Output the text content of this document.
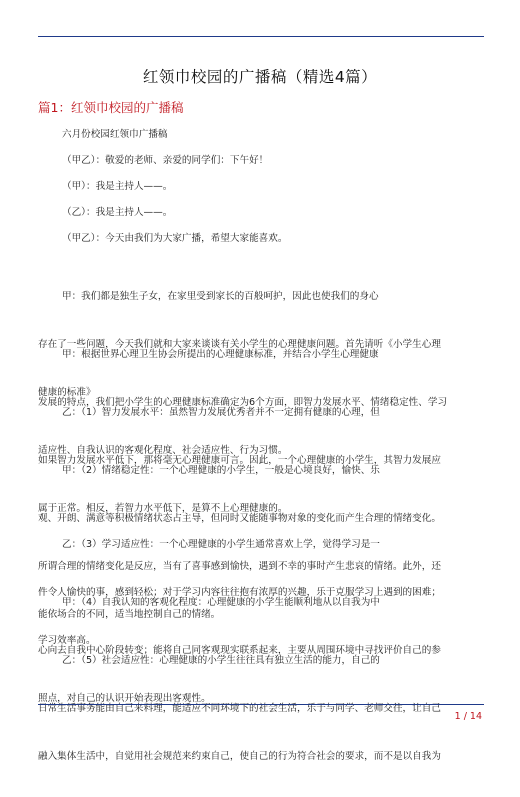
红领巾校园的广播稿（精选4篇）
篇1：红领巾校园的广播稿
六月份校园红领巾广播稿
（甲乙）：敬爱的老师、亲爱的同学们：下午好！
（甲）：我是主持人——。
（乙）：我是主持人——。
（甲乙）：今天由我们为大家广播，希望大家能喜欢。

甲：我们都是独生子女，在家里受到家长的百般呵护，因此也使我们的身心

存在了一些问题，今天我们就和大家来谈谈有关小学生的心理健康问题。首先请听《小学生心理

健康的标准》

甲：根据世界心理卫生协会所提出的心理健康标准，并结合小学生心理健康

发展的特点，我们把小学生的心理健康标准确定为6个方面，即智力发展水平、情绪稳定性、学习

适应性、自我认识的客观化程度、社会适应性、行为习惯。

乙：（1）智力发展水平：虽然智力发展优秀者并不一定拥有健康的心理，但

如果智力发展水平低下，那将毫无心理健康可言。因此，一个心理健康的小学生，其智力发展应

属于正常。相反，若智力水平低下，是算不上心理健康的。

甲：（2）情绪稳定性：一个心理健康的小学生，一般是心境良好，愉快、乐

观、开朗、满意等积极情绪状态占主导，但同时又能随事物对象的变化而产生合理的情绪变化。

所谓合理的情绪变化是反应，当有了喜事感到愉快，遇到不幸的事时产生悲哀的情绪。此外，还

能依场合的不同，适当地控制自己的情绪。

乙：（3）学习适应性：一个心理健康的小学生通常喜欢上学，觉得学习是一

件令人愉快的事，感到轻松；对于学习内容往往抱有浓厚的兴趣，乐于克服学习上遇到的困难；

学习效率高。

甲：（4）自我认知的客观化程度：心理健康的小学生能顺利地从以自我为中

心向去自我中心阶段转变；能将自己同客观现实联系起来，主要从周围环境中寻找评价自己的参

照点，对自己的认识开始表现出客观性。

乙：（5）社会适应性：心理健康的小学生往往具有独立生活的能力，自己的

日常生活事务能由自己来料理，能适应不同环境下的社会生活，乐于与同学、老师交往，让自己

融入集体生活中，自觉用社会规范来约束自己，使自己的行为符合社会的要求，而不是以自我为

1 / 14
